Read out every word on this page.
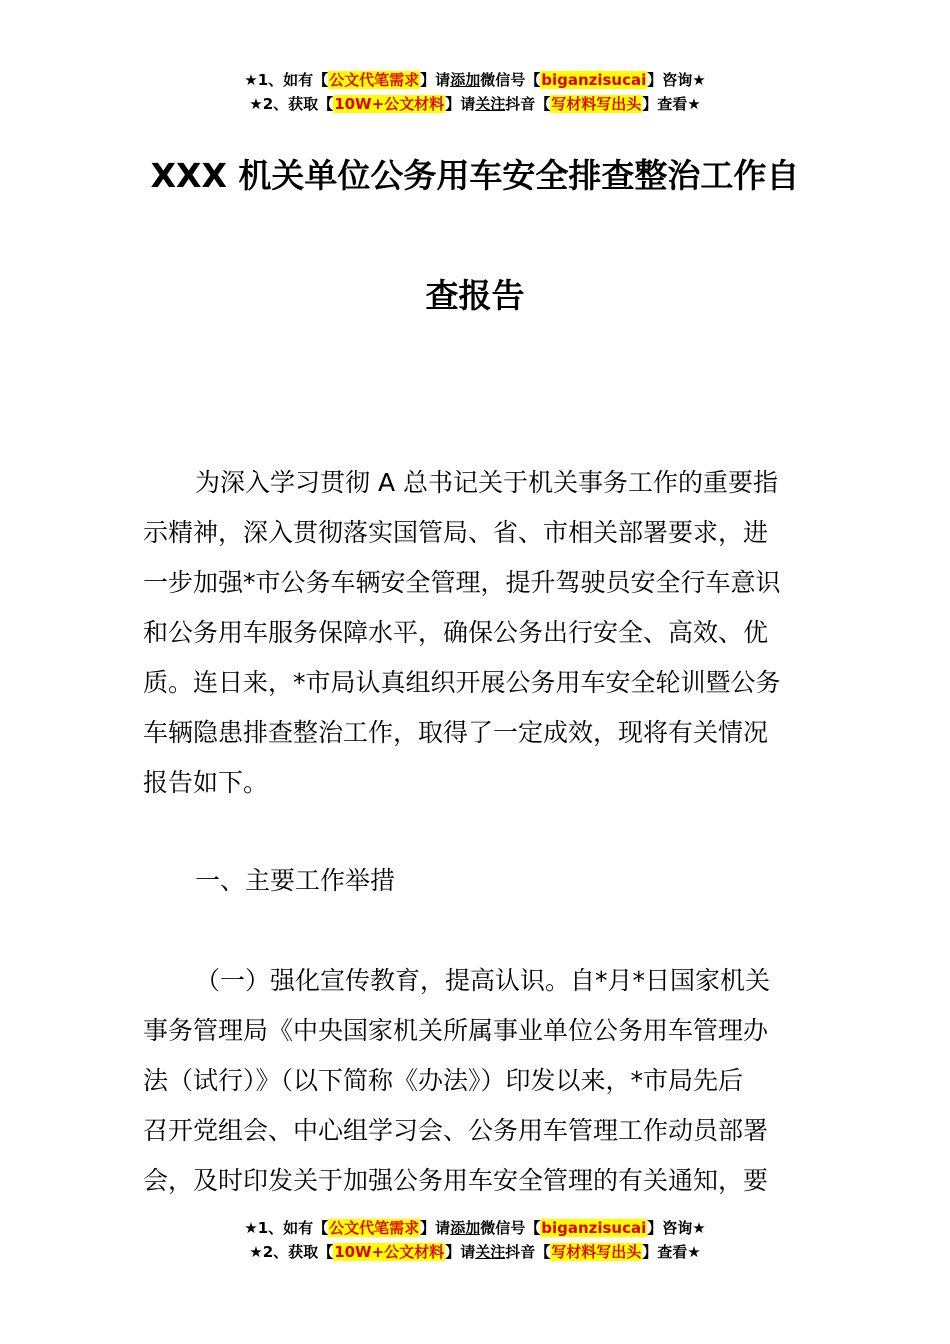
★1、如有【公文代笔需求】请添加微信号【biganzisucai】咨询★
★2、获取【10W+公文材料】请关注抖音【写材料写出头】查看★
XXX 机关单位公务用车安全排查整治工作自
查报告
为深入学习贯彻 A 总书记关于机关事务工作的重要指
示精神，深入贯彻落实国管局、省、市相关部署要求，进
一步加强*市公务车辆安全管理，提升驾驶员安全行车意识
和公务用车服务保障水平，确保公务出行安全、高效、优
质。连日来，*市局认真组织开展公务用车安全轮训暨公务
车辆隐患排查整治工作，取得了一定成效，现将有关情况
报告如下。
一、主要工作举措
（一）强化宣传教育，提高认识。自*月*日国家机关
事务管理局《中央国家机关所属事业单位公务用车管理办
法（试行）》（以下简称《办法》）印发以来，*市局先后
召开党组会、中心组学习会、公务用车管理工作动员部署
会，及时印发关于加强公务用车安全管理的有关通知，要
★1、如有【公文代笔需求】请添加微信号【biganzisucai】咨询★
★2、获取【10W+公文材料】请关注抖音【写材料写出头】查看★
